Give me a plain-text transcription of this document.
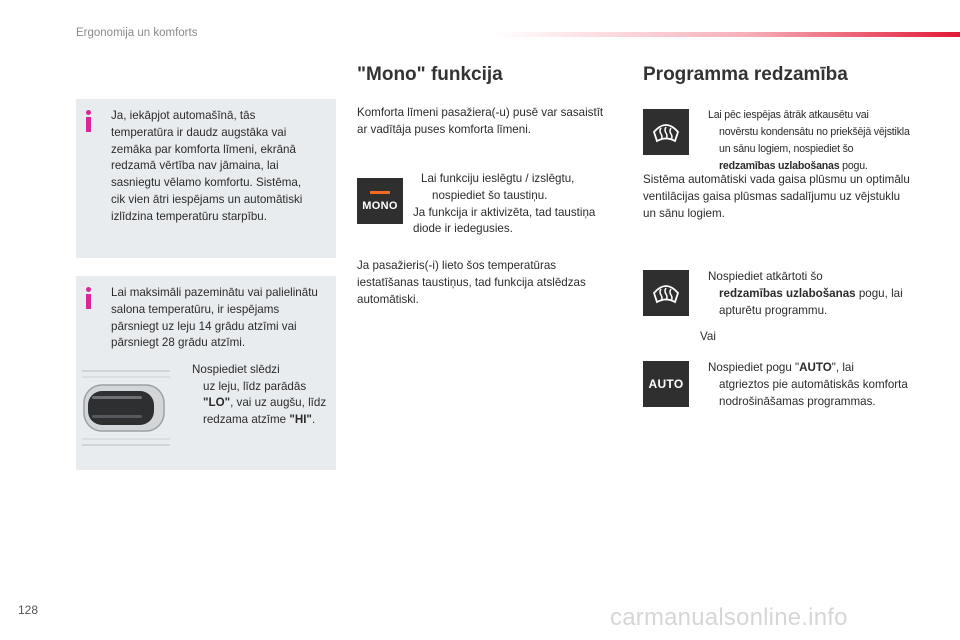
Ergonomija un komforts
Ja, iekāpjot automašīnā, tās temperatūra ir daudz augstāka vai zemāka par komforta līmeni, ekrānā redzamā vērtība nav jāmaina, lai sasniegtu vēlamo komfortu. Sistēma, cik vien ātri iespējams un automātiski izlīdzina temperatūru starpību.
Lai maksimāli pazeminātu vai palielinātu salona temperatūru, ir iespējams pārsniegt uz leju 14 grādu atzīmi vai pārsniegt 28 grādu atzīmi.
Nospiediet slēdzi
uz leju, līdz parādās "LO", vai uz augšu, līdz redzama atzīme "HI".
"Mono" funkcija
Komforta līmeni pasažiera(-u) pusē var sasaistīt ar vadītāja puses komforta līmeni.
MONO
Lai funkciju ieslēgtu / izslēgtu,
nospiediet šo taustiņu.
Ja funkcija ir aktivizēta, tad taustiņa diode ir iedegusies.
Ja pasažieris(-i) lieto šos temperatūras iestatīšanas taustiņus, tad funkcija atslēdzas automātiski.
Programma redzamība
Lai pēc iespējas ātrāk atkausētu vai
novērstu kondensātu no priekšējā vējstikla un sānu logiem, nospiediet šo redzamības uzlabošanas pogu.
Sistēma automātiski vada gaisa plūsmu un optimālu ventilācijas gaisa plūsmas sadalījumu uz vējstuklu un sānu logiem.
Nospiediet atkārtoti šo
redzamības uzlabošanas pogu, lai apturētu programmu.
Vai
AUTO
Nospiediet pogu "AUTO", lai
atgrieztos pie automātiskās komforta nodrošināšamas programmas.
128	carmanualsonline.info
